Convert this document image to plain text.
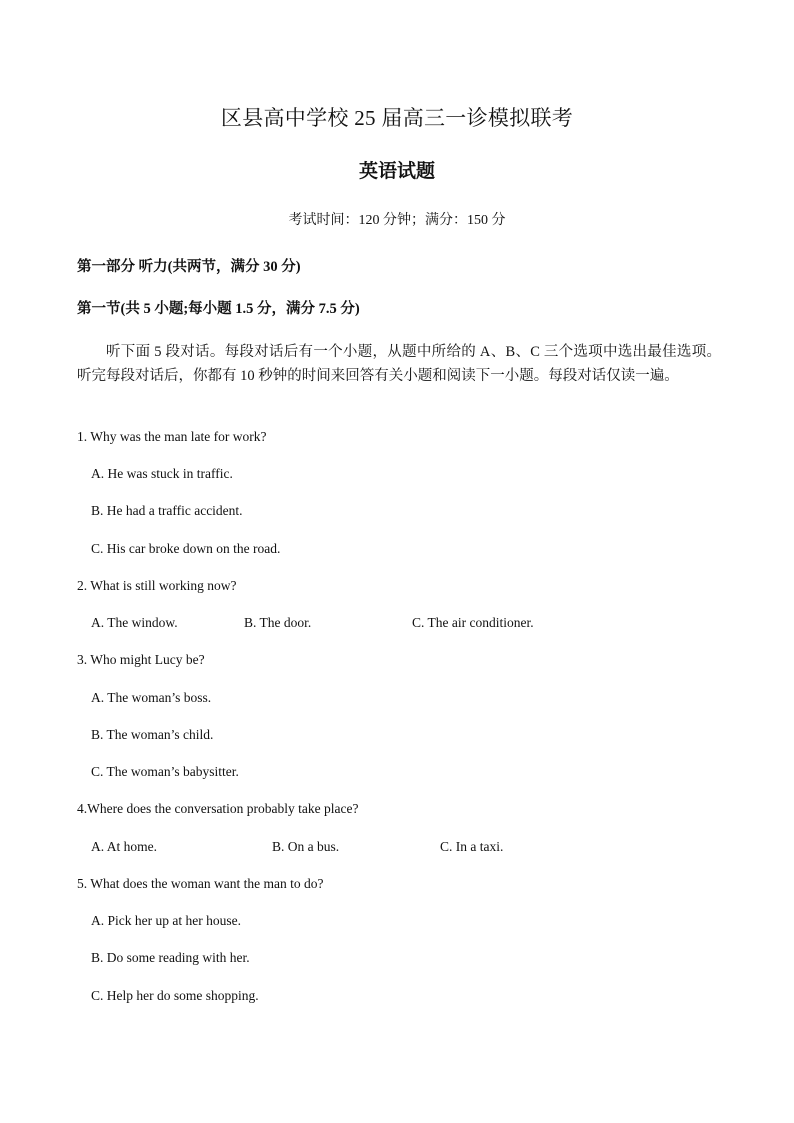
区县高中学校 25 届高三一诊模拟联考
英语试题
考试时间：120 分钟；满分：150 分
第一部分 听力(共两节，满分 30 分)
第一节(共 5 小题;每小题 1.5 分，满分 7.5 分)
听下面 5 段对话。每段对话后有一个小题，从题中所给的 A、B、C 三个选项中选出最佳选项。听完每段对话后，你都有 10 秒钟的时间来回答有关小题和阅读下一小题。每段对话仅读一遍。
1. Why was the man late for work?
A. He was stuck in traffic.
B. He had a traffic accident.
C. His car broke down on the road.
2. What is still working now?
A. The window.	B. The door.	C. The air conditioner.
3. Who might Lucy be?
A. The woman’s boss.
B. The woman’s child.
C. The woman’s babysitter.
4.Where does the conversation probably take place?
A. At home.	B. On a bus.	C. In a taxi.
5. What does the woman want the man to do?
A. Pick her up at her house.
B. Do some reading with her.
C. Help her do some shopping.
